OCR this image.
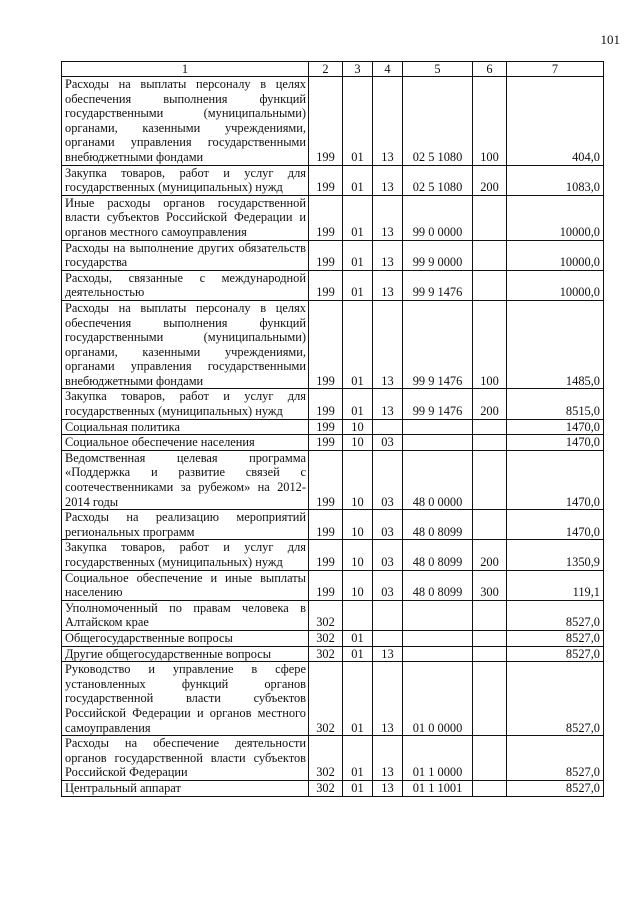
101
1	2	3	4	5	6	7
Расходы на выплаты персоналу в целях обеспечения выполнения функций государственными (муниципальными) органами, казенными учреждениями, органами управления государственными внебюджетными фондами	199	01	13	02 5 1080	100	404,0
Закупка товаров, работ и услуг для государственных (муниципальных) нужд	199	01	13	02 5 1080	200	1083,0
Иные расходы органов государственной власти субъектов Российской Федерации и органов местного самоуправления	199	01	13	99 0 0000		10000,0
Расходы на выполнение других обязательств государства	199	01	13	99 9 0000		10000,0
Расходы, связанные с международной деятельностью	199	01	13	99 9 1476		10000,0
Расходы на выплаты персоналу в целях обеспечения выполнения функций государственными (муниципальными) органами, казенными учреждениями, органами управления государственными внебюджетными фондами	199	01	13	99 9 1476	100	1485,0
Закупка товаров, работ и услуг для государственных (муниципальных) нужд	199	01	13	99 9 1476	200	8515,0
Социальная политика	199	10				1470,0
Социальное обеспечение населения	199	10	03			1470,0
Ведомственная целевая программа «Поддержка и развитие связей с соотечественниками за рубежом» на 2012-2014 годы	199	10	03	48 0 0000		1470,0
Расходы на реализацию мероприятий региональных программ	199	10	03	48 0 8099		1470,0
Закупка товаров, работ и услуг для государственных (муниципальных) нужд	199	10	03	48 0 8099	200	1350,9
Социальное обеспечение и иные выплаты населению	199	10	03	48 0 8099	300	119,1
Уполномоченный по правам человека в Алтайском крае	302					8527,0
Общегосударственные вопросы	302	01				8527,0
Другие общегосударственные вопросы	302	01	13			8527,0
Руководство и управление в сфере установленных функций органов государственной власти субъектов Российской Федерации и органов местного самоуправления	302	01	13	01 0 0000		8527,0
Расходы на обеспечение деятельности органов государственной власти субъектов Российской Федерации	302	01	13	01 1 0000		8527,0
Центральный аппарат	302	01	13	01 1 1001		8527,0
